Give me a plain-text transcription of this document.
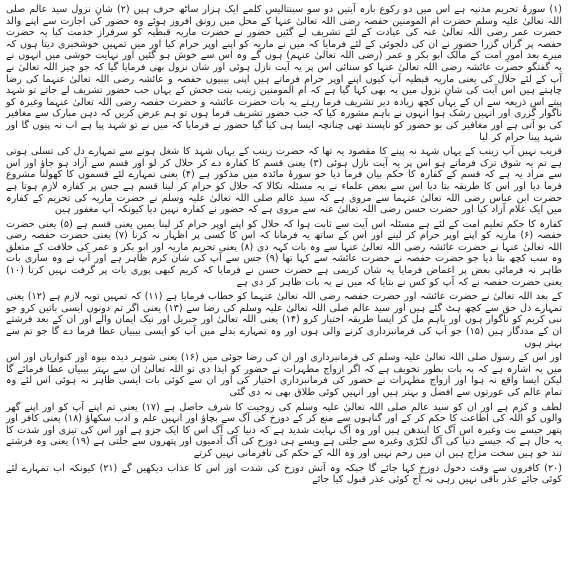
(۱) سورۂ تحریم مدنیہ ہے اس میں دو رکوع بارہ آیتیں دو سو سینتالیس کلمے ایک ہزار ساٹھ حرف ہیں (۲) شانِ نزول سید عالم صلی اللہ تعالیٰ علیہ وسلم حضرت ام المومنین حفصہ رضی اللہ تعالیٰ عنہا کے محل میں رونق افروز ہوئے وہ حضور کی اجازت سے اپنے والد حضرت عمر رضی اللہ تعالیٰ عنہ کی عیادت کے لئے تشریف لے گئیں حضور نے حضرت ماریہ قبطیہ کو سرفراز خدمت کیا یہ حضرت حفصہ پر گراں گزرا حضور نے ان کی دلجوئی کے لئے فرمایا کہ میں نے ماریہ کو اپنے اوپر حرام کیا اور میں تمہیں خوشخبری دیتا ہوں کہ میرے بعد امورِ امت کے مالک ابو بکر و عمر (رضی اللہ تعالیٰ عنہم) ہوں گے وہ اس سے خوش ہو گئیں اور نہایت خوشی میں انہوں نے یہ گفتگو حضرت عائشہ رضی اللہ تعالیٰ عنہا کو سنائی اس پر یہ آیت نازل ہوئی اور شان نزول بھی فرمایا گیا کہ جو چیز اللہ تعالیٰ نے آپ کے لئے حلال کی یعنی ماریہ قبطیہ آپ کیوں اپنے اوپر حرام فرماتے ہیں اپنی بیبیوں حفصہ و عائشہ رضی اللہ تعالیٰ عنہما کی رضا چاہتے ہیں اس آیت کی شانِ نزول میں یہ بھی کہا گیا ہے کہ ام المومنین زینب بنت جحش کے یہاں جب حضور تشریف لے جاتے تو شہد پیتے اس ذریعہ سے ان کے یہاں کچھ زیادہ دیر تشریف فرما رہتے یہ بات حضرت عائشہ و حضرت حفصہ رضی اللہ تعالیٰ عنہما وغیرہ کو ناگوار گزری اور انہیں رشک ہوا انہوں نے باہم مشورہ کیا کہ جب حضور تشریف فرما ہوں تو ہم عرض کریں کہ دہن مبارک سے مغافیر کی بو آتی ہے اور مغافیر کی بو حضور کو ناپسند تھی چنانچہ ایسا ہی کیا گیا حضور نے فرمایا کہ میں نے تو شہد پیا ہے اب نہ پیوں گا اور شہد پینا حرام کر لیا

قریب نہیں آپ زینب کے یہاں شہد نہ پینے کا مقصود یہ تھا کہ حضرت زینب کے یہاں شہد کا شغل ہونے سے تمہارے دل کی تسلی ہوتی ہے تم یہ شوق ترک فرماتے ہو اس پر یہ آیت نازل ہوئی (۳) یعنی قسم کا کفارہ دے کر حلال کر لو اور قسم سے آزاد ہو جاؤ اور اس سے مراد یہ ہے کہ قسم کے کفارہ کا حکم بیان فرما دیا جو سورۂ مائدہ میں مذکور ہے (۴) یعنی تمہارے لئے قسموں کا کھولنا مشروع فرما دیا اور اس کا طریقہ بتا دیا اس سے بعض علماء نے یہ مسئلہ نکالا کہ حلال کو حرام کر لینا قسم ہے جس پر کفارہ لازم ہوتا ہے حضرت ابن عباس رضی اللہ تعالیٰ عنہما سے مروی ہے کہ سید عالم صلی اللہ تعالیٰ علیہ وسلم نے حضرت ماریہ کی تحریم کے کفارہ میں ایک غلام آزاد کیا اور حضرت حسن رضی اللہ تعالیٰ عنہ سے مروی ہے کہ حضور نے کفارہ نہیں دیا کیونکہ آپ مغفور ہیں

کفارہ کا حکم تعلیم امت کے لئے ہے مسئلہ اس آیت سے ثابت ہوا کہ حلال کو اپنے اوپر حرام کر لینا یمین یعنی قسم ہے (۵) یعنی حضرت حفصہ (۶) ماریہ کو اپنے اوپر حرام کر لینے اور اس کے ساتھ یہ فرمانا کہ اس کا کسی پر اظہار نہ کرنا (۷) یعنی حضرت حفصہ رضی اللہ تعالیٰ عنہا نے حضرت عائشہ رضی اللہ تعالیٰ عنہا سے وہ بات کہہ دی (۸) یعنی تحریم ماریہ اور ابو بکر و عمر کی خلافت کے متعلق وہ سب کچھ بتا دیا جو حضرت حفصہ نے حضرت عائشہ سے کہا تھا (۹) جس سے آپ کی شان کرم ظاہر ہے اور آپ نے وہ ساری بات ظاہر نہ فرمائی بعض پر اغماض فرمایا یہ شان کریمی ہے حضرت حسن نے فرمایا کہ کریم کبھی پوری بات پر گرفت نہیں کرتا (۱۰) یعنی حضرت حفصہ نے کہ آپ کو کس نے بتایا کہ میں نے یہ بات ظاہر کر دی ہے

کے بعد اللہ تعالیٰ نے حضرت عائشہ اور حضرت حفصہ رضی اللہ تعالیٰ عنہما کو خطاب فرمایا ہے (۱۱) کہ تمہیں توبہ لازم ہے (۱۲) یعنی تمہارے دل حق سے کچھ ہٹ گئے ہیں اور سید عالم صلی اللہ تعالیٰ علیہ وسلم کی رضا سے (۱۳) یعنی اگر تم دونوں ایسی باتیں کرو جو نبی کریم کو ناگوار ہوں اور باہم مل کر ایسا طریقہ اختیار کرو (۱۴) یعنی اللہ تعالیٰ اور جبریل اور نیک ایمان والے اور ان کے بعد فرشتے ان کے مددگار ہیں (۱۵) جو آپ کی فرمانبرداری کرنے والی ہوں اور وہ تمہارے بدلے میں آپ کو ایسی بیبیاں عطا فرما دے گا جو تم سے بہتر ہوں

اور اس کے رسول صلی اللہ تعالیٰ علیہ وسلم کی فرمانبرداری اور ان کی رضا جوئی میں (۱۶) یعنی شوہر دیدہ بیوہ اور کنواریاں اور اس میں یہ اشارہ ہے کہ یہ بات بطور تخویف ہے کہ اگر ازواج مطہرات نے حضور کو ایذا دی تو اللہ تعالیٰ ان سے بہتر بیبیاں عطا فرمائے گا لیکن ایسا واقع نہ ہوا اور ازواج مطہرات نے حضور کی فرمانبرداری اختیار کی اور ان سے کوئی بات ایسی ظاہر نہ ہوئی اس لئے وہ تمام عالم کی عورتوں سے افضل و بہتر ہیں اور انہیں کوئی طلاق بھی نہ دی گئی

لطف و کرم ہے اور ان کو سید عالم صلی اللہ تعالیٰ علیہ وسلم کی زوجیت کا شرف حاصل ہے (۱۷) یعنی تم اپنے آپ کو اور اپنے گھر والوں کو اللہ کی اطاعت کا حکم کر کے اور گناہوں سے منع کر کے دوزخ کی آگ سے بچاؤ اور انہیں علم و ادب سکھاؤ (۱۸) یعنی کافر اور پتھر جیسے بت وغیرہ اس آگ کا ایندھن ہیں اور وہ آگ نہایت شدید ہے کہ دنیا کی آگ اس کا ایک جزو ہے اور اس کی تیزی اور شدت کا یہ حال ہے کہ جیسے دنیا کی آگ لکڑی وغیرہ سے جلتی ہے ویسے ہی دوزخ کی آگ آدمیوں اور پتھروں سے جلتی ہے (۱۹) یعنی وہ فرشتے تند خو ہیں سخت مزاج ہیں ان میں رحم نہیں اور وہ اللہ کے حکم کی نافرمانی نہیں کرتے

(۲۰) کافروں سے وقت دخول دوزخ کہا جائے گا جبکہ وہ آتش دوزخ کی شدت اور اس کا عذاب دیکھیں گے (۲۱) کیونکہ اب تمہارے لئے کوئی جائے عذر باقی نہیں رہی نہ آج کوئی عذر قبول کیا جائے
